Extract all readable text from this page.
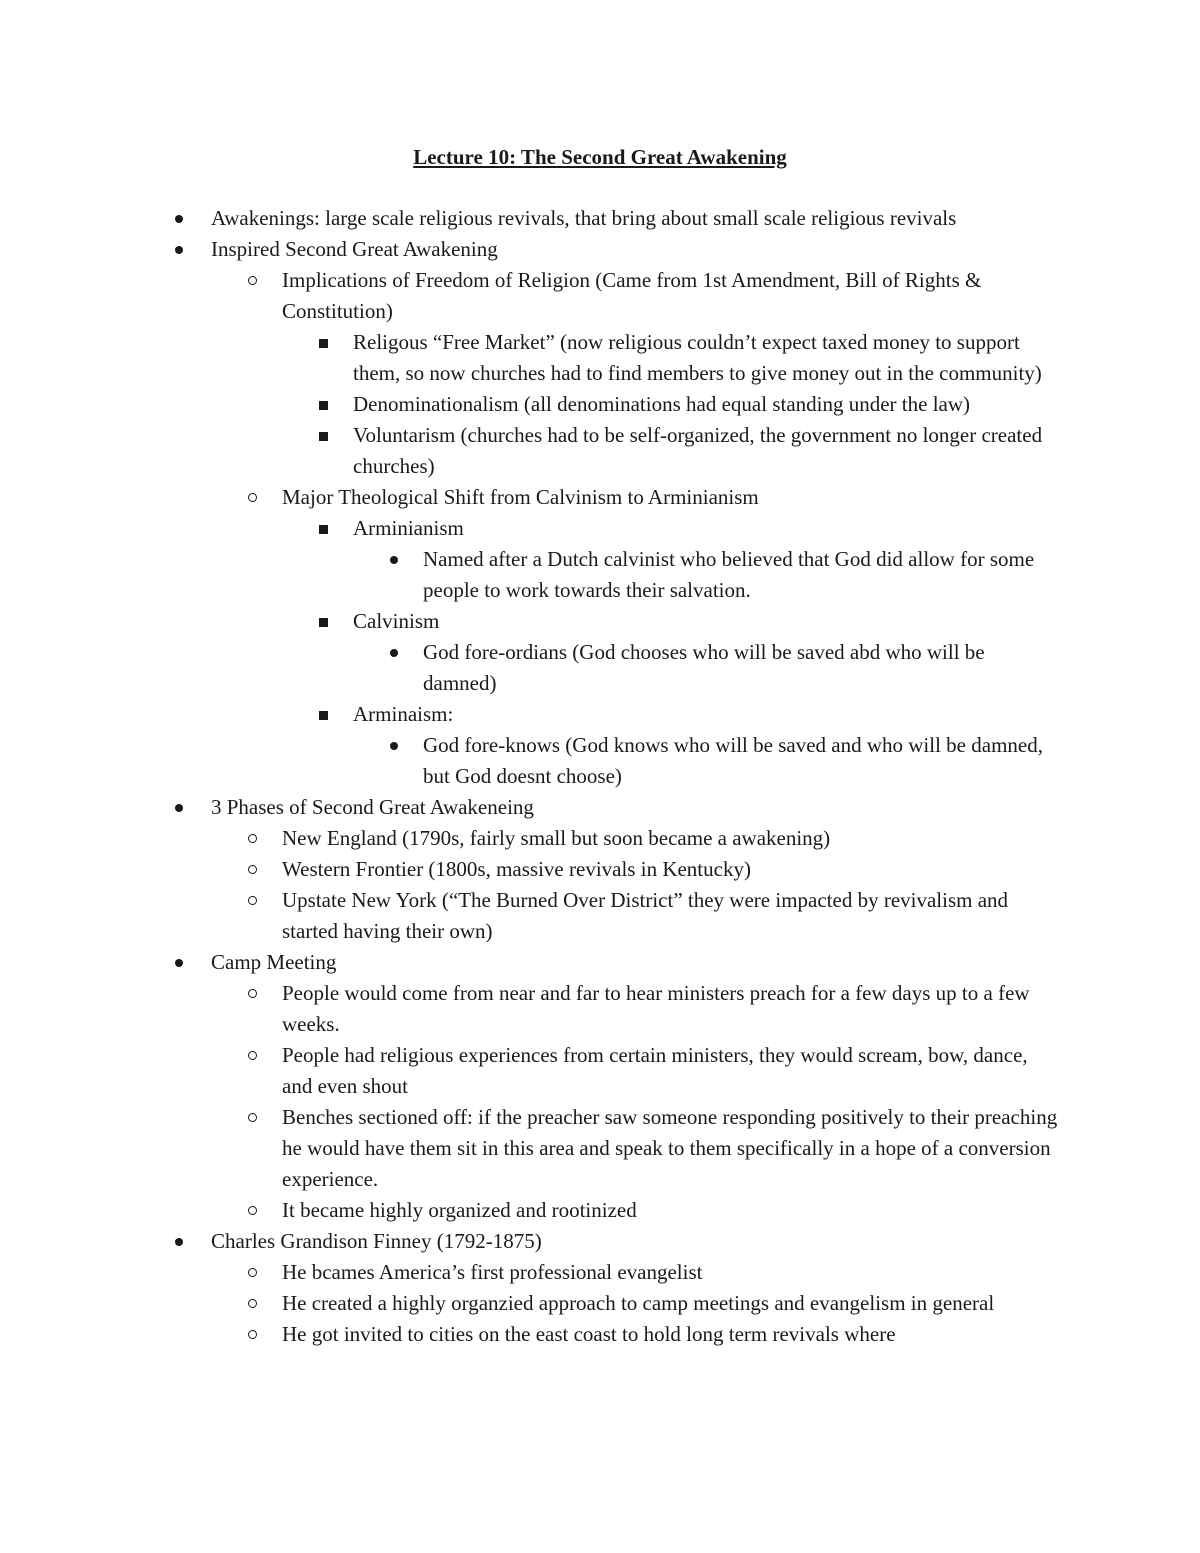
Lecture 10: The Second Great Awakening
Awakenings: large scale religious revivals, that bring about small scale religious revivals
Inspired Second Great Awakening
Implications of Freedom of Religion (Came from 1st Amendment, Bill of Rights & Constitution)
Religous “Free Market” (now religious couldn’t expect taxed money to support them, so now churches had to find members to give money out in the community)
Denominationalism (all denominations had equal standing under the law)
Voluntarism (churches had to be self-organized, the government no longer created churches)
Major Theological Shift from Calvinism to Arminianism
Arminianism
Named after a Dutch calvinist who believed that God did allow for some people to work towards their salvation.
Calvinism
God fore-ordians (God chooses who will be saved abd who will be damned)
Arminaism:
God fore-knows (God knows who will be saved and who will be damned, but God doesnt choose)
3 Phases of Second Great Awakeneing
New England (1790s, fairly small but soon became a awakening)
Western Frontier (1800s, massive revivals in Kentucky)
Upstate New York (“The Burned Over District” they were impacted by revivalism and started having their own)
Camp Meeting
People would come from near and far to hear ministers preach for a few days up to a few weeks.
People had religious experiences from certain ministers, they would scream, bow, dance, and even shout
Benches sectioned off: if the preacher saw someone responding positively to their preaching he would have them sit in this area and speak to them specifically in a hope of a conversion experience.
It became highly organized and rootinized
Charles Grandison Finney (1792-1875)
He bcames America’s first professional evangelist
He created a highly organzied approach to camp meetings and evangelism in general
He got invited to cities on the east coast to hold long term revivals where
